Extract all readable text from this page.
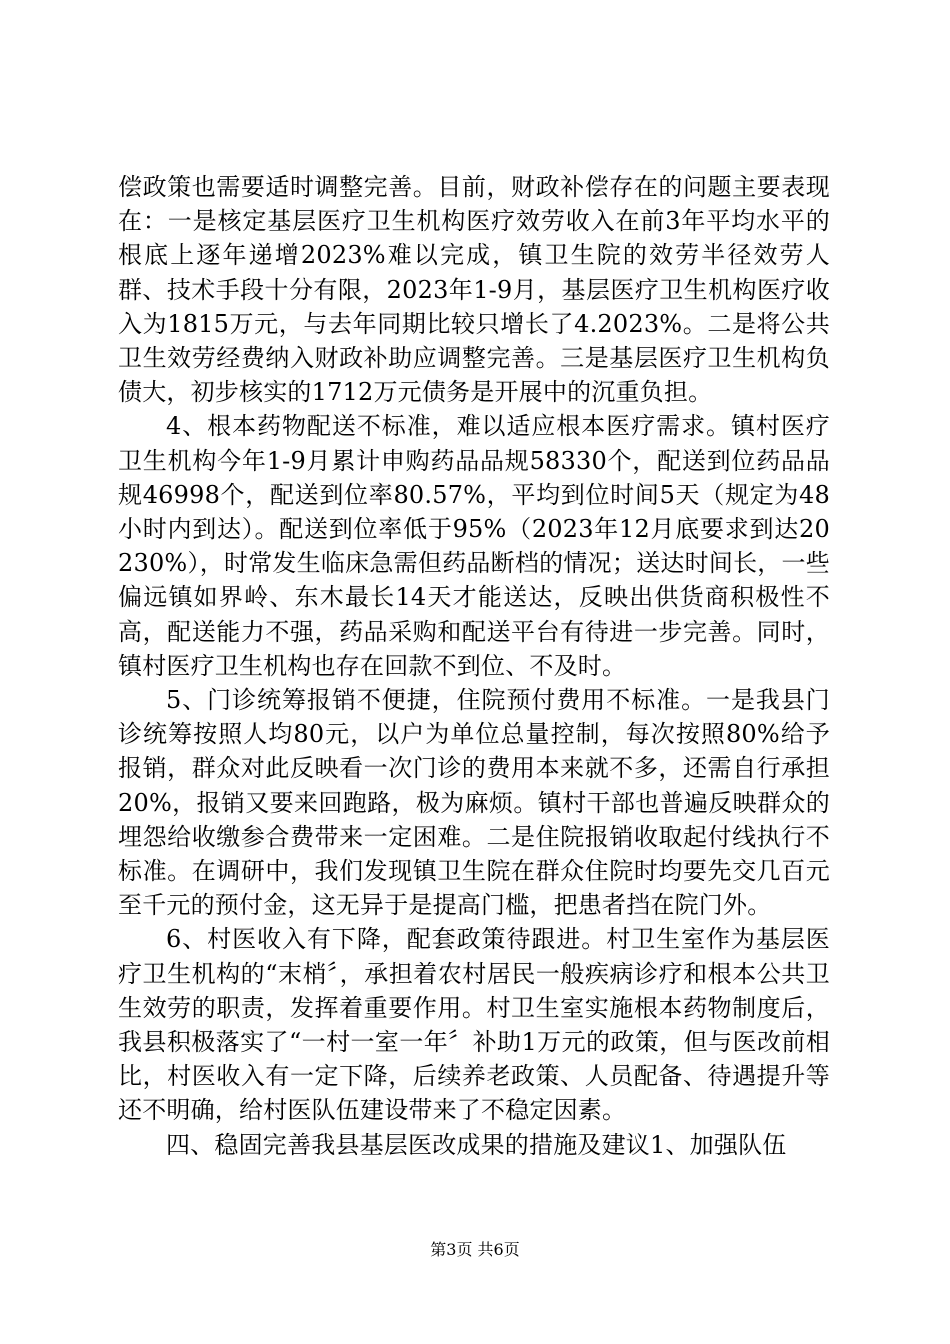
偿政策也需要适时调整完善。目前，财政补偿存在的问题主要表现在：一是核定基层医疗卫生机构医疗效劳收入在前3年平均水平的根底上逐年递增2023%难以完成，镇卫生院的效劳半径效劳人群、技术手段十分有限，2023年1-9月，基层医疗卫生机构医疗收入为1815万元，与去年同期比较只增长了4.2023%。二是将公共卫生效劳经费纳入财政补助应调整完善。三是基层医疗卫生机构负债大，初步核实的1712万元债务是开展中的沉重负担。

4、根本药物配送不标准，难以适应根本医疗需求。镇村医疗卫生机构今年1-9月累计申购药品品规58330个，配送到位药品品规46998个，配送到位率80.57%，平均到位时间5天（规定为48小时内到达）。配送到位率低于95%（2023年12月底要求到达20230%），时常发生临床急需但药品断档的情况；送达时间长，一些偏远镇如界岭、东木最长14天才能送达，反映出供货商积极性不高，配送能力不强，药品采购和配送平台有待进一步完善。同时，镇村医疗卫生机构也存在回款不到位、不及时。

5、门诊统筹报销不便捷，住院预付费用不标准。一是我县门诊统筹按照人均80元，以户为单位总量控制，每次按照80%给予报销，群众对此反映看一次门诊的费用本来就不多，还需自行承担20%，报销又要来回跑路，极为麻烦。镇村干部也普遍反映群众的埋怨给收缴参合费带来一定困难。二是住院报销收取起付线执行不标准。在调研中，我们发现镇卫生院在群众住院时均要先交几百元至千元的预付金，这无异于是提高门槛，把患者挡在院门外。

6、村医收入有下降，配套政策待跟进。村卫生室作为基层医疗卫生机构的“末梢〞，承担着农村居民一般疾病诊疗和根本公共卫生效劳的职责，发挥着重要作用。村卫生室实施根本药物制度后，我县积极落实了“一村一室一年〞补助1万元的政策，但与医改前相比，村医收入有一定下降，后续养老政策、人员配备、待遇提升等还不明确，给村医队伍建设带来了不稳定因素。

四、稳固完善我县基层医改成果的措施及建议1、加强队伍

第3页 共6页
